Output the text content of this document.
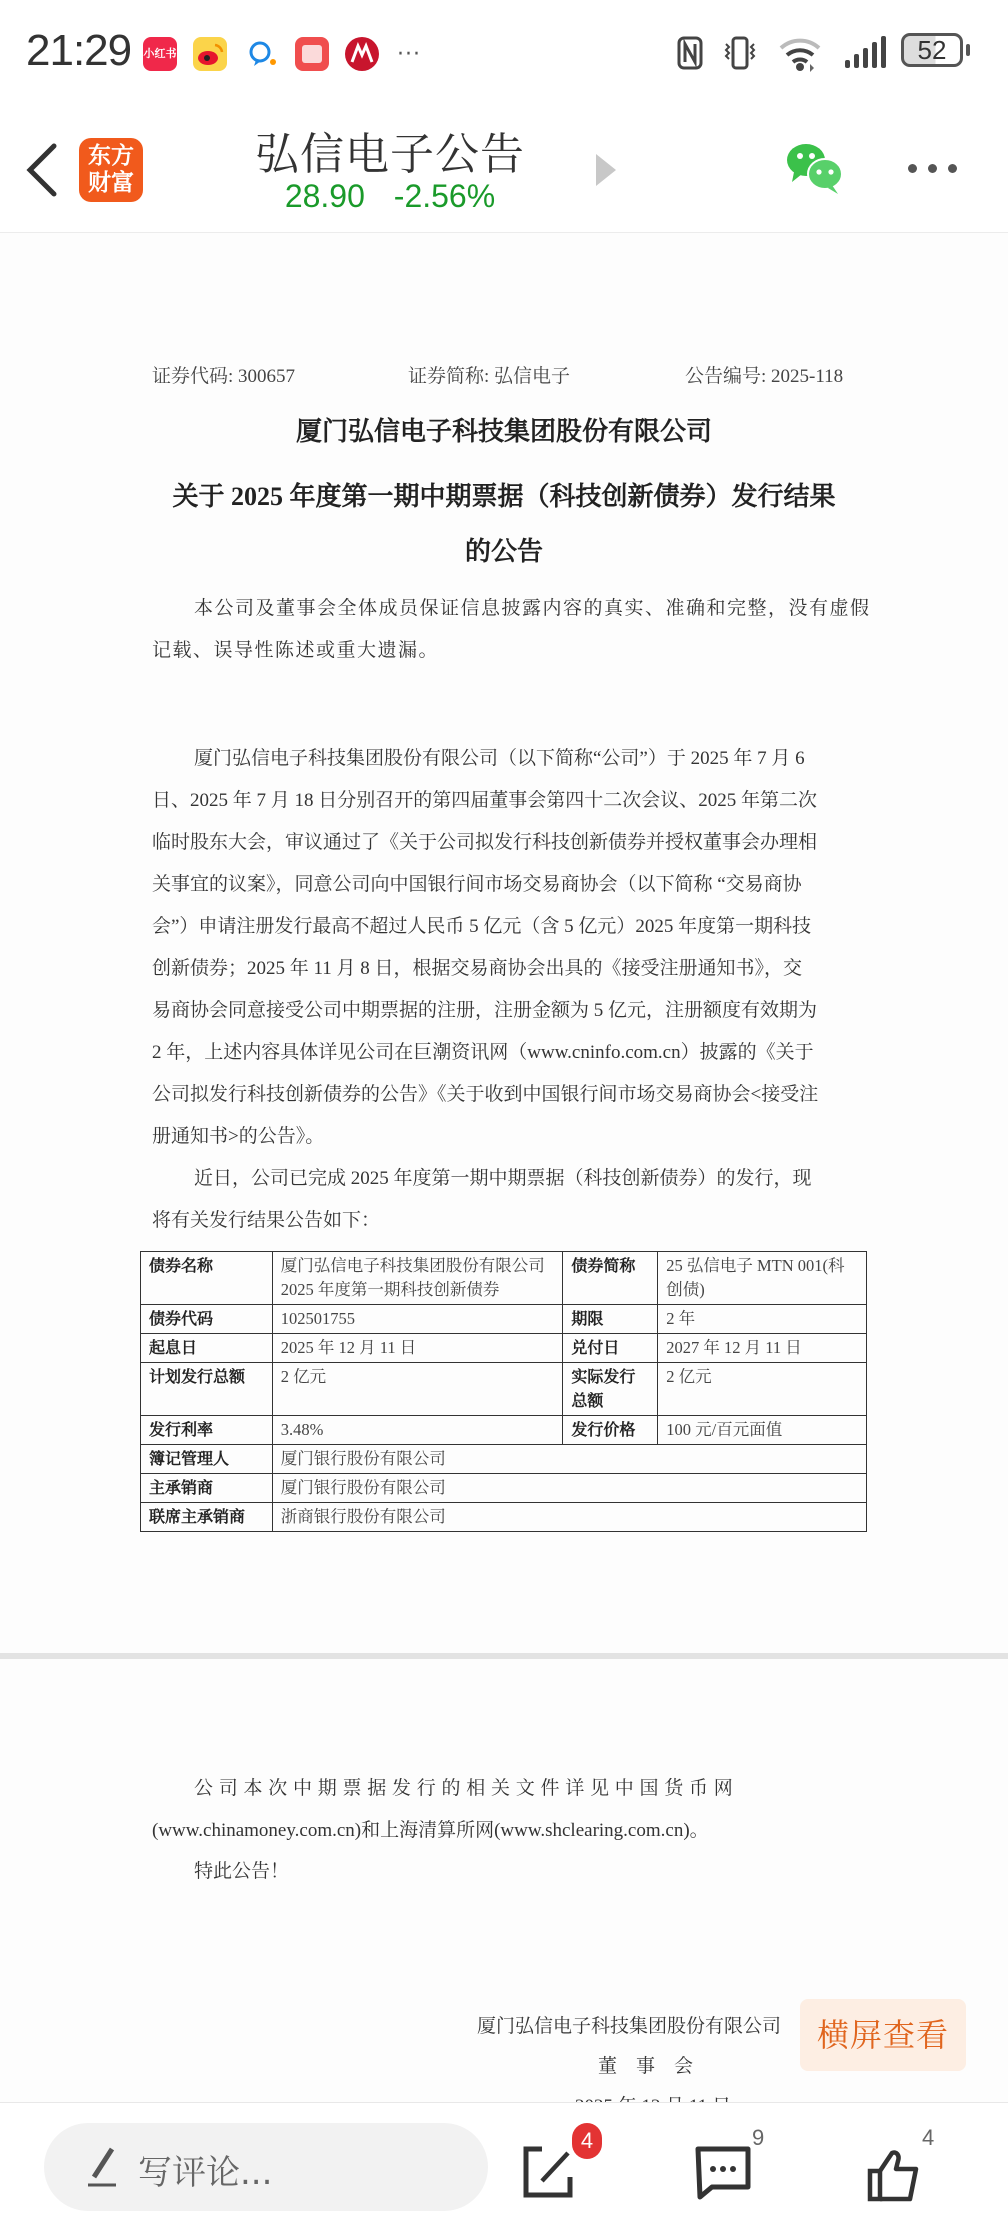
21:29 小红书	···	52
东方
财富
弘信电子公告
28.90 -2.56%
证券代码: 300657	证券简称: 弘信电子	公告编号: 2025-118
厦门弘信电子科技集团股份有限公司
关于 2025 年度第一期中期票据（科技创新债券）发行结果
的公告
本公司及董事会全体成员保证信息披露内容的真实、准确和完整，没有虚假
记载、误导性陈述或重大遗漏。
厦门弘信电子科技集团股份有限公司（以下简称“公司”）于 2025 年 7 月 6
日、2025 年 7 月 18 日分别召开的第四届董事会第四十二次会议、2025 年第二次
临时股东大会，审议通过了《关于公司拟发行科技创新债券并授权董事会办理相
关事宜的议案》，同意公司向中国银行间市场交易商协会（以下简称 “交易商协
会”）申请注册发行最高不超过人民币 5 亿元（含 5 亿元）2025 年度第一期科技
创新债券；2025 年 11 月 8 日，根据交易商协会出具的《接受注册通知书》，交
易商协会同意接受公司中期票据的注册，注册金额为 5 亿元，注册额度有效期为
2 年，上述内容具体详见公司在巨潮资讯网（www.cninfo.com.cn）披露的《关于
公司拟发行科技创新债券的公告》《关于收到中国银行间市场交易商协会<接受注
册通知书>的公告》。
近日，公司已完成 2025 年度第一期中期票据（科技创新债券）的发行，现
将有关发行结果公告如下：
债券名称	厦门弘信电子科技集团股份有限公司 2025 年度第一期科技创新债券	债券简称	25 弘信电子 MTN 001(科创债)
债券代码	102501755	期限	2 年
起息日	2025 年 12 月 11 日	兑付日	2027 年 12 月 11 日
计划发行总额	2 亿元	实际发行总额	2 亿元
发行利率	3.48%	发行价格	100 元/百元面值
簿记管理人	厦门银行股份有限公司		
主承销商	厦门银行股份有限公司		
联席主承销商	浙商银行股份有限公司		
公 司 本 次 中 期 票 据 发 行 的 相 关 文 件 详 见 中 国 货 币 网
(www.chinamoney.com.cn)和上海清算所网(www.shclearing.com.cn)。
特此公告！
厦门弘信电子科技集团股份有限公司
董　事　会
横屏查看
写评论...
4	9	4
